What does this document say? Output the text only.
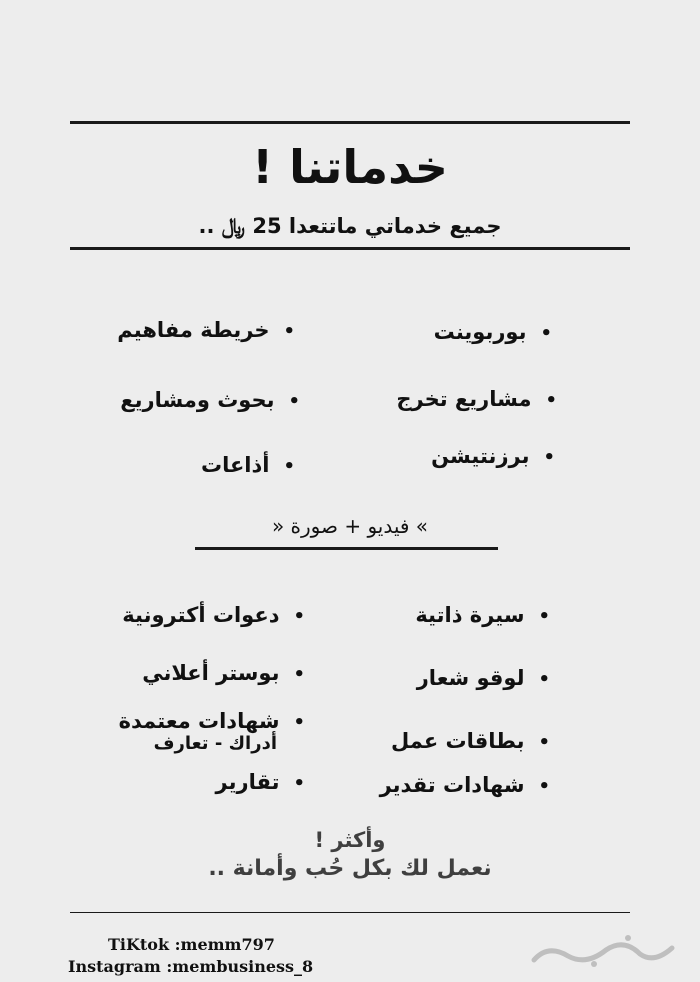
خدماتنا !
جميع خدماتي ماتتعدا 25 ﷼ ..
•بوربوينت
•مشاريع تخرج
•برزنتيشن
•خريطة مفاهيم
•بحوث ومشاريع
•أذاعات
» فيديو + صورة «
•سيرة ذاتية
•لوقو شعار
•بطاقات عمل
•شهادات تقدير
•دعوات أكترونية
•بوستر أعلاني
•شهادات معتمدة
أدراك - تعارف
•تقارير
وأكثر !
نعمل لك بكل حُب وأمانة ..
TiKtok :memm797
Instagram :membusiness_8
